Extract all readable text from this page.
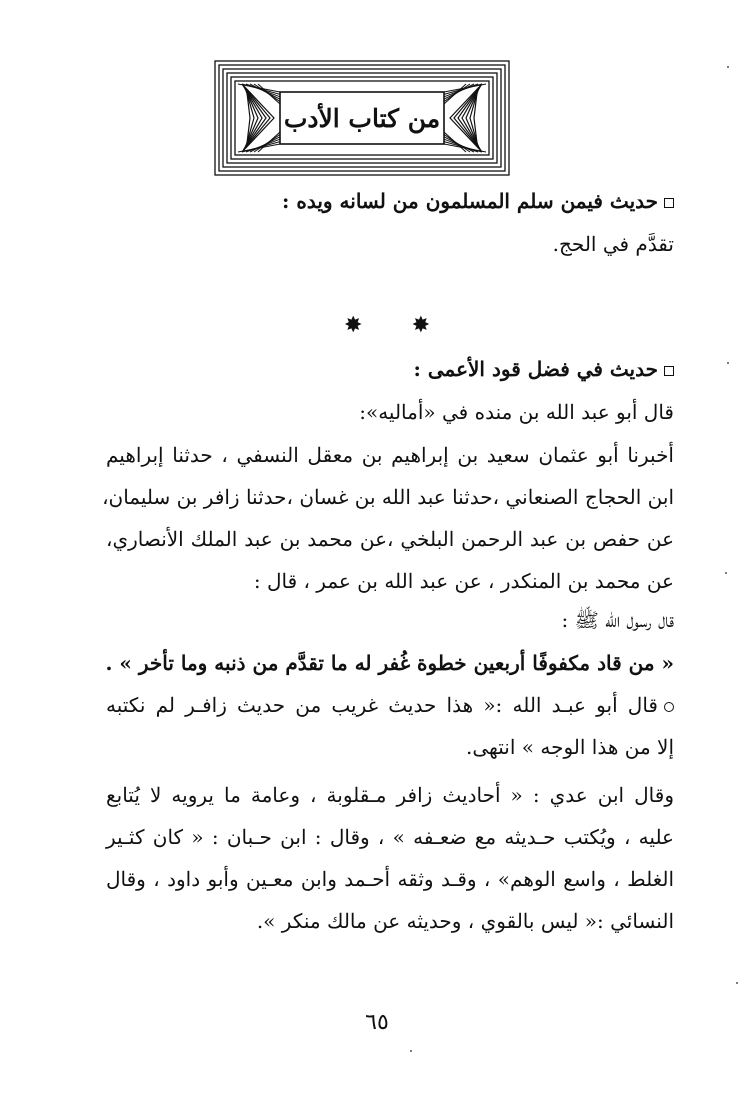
من كتاب الأدب
حديث فيمن سلم المسلمون من لسانه ويده :
تقدَّم في الحج.
✸ ✸
حديث في فضل قود الأعمى :
قال أبو عبد الله بن منده في «أماليه»:
أخبرنا أبو عثمان سعيد بن إبراهيم بن معقل النسفي ، حدثنا إبراهيم
ابن الحجاج الصنعاني ،حدثنا عبد الله بن غسان ،حدثنا زافر بن سليمان،
عن حفص بن عبد الرحمن البلخي ،عن محمد بن عبد الملك الأنصاري،
عن محمد بن المنكدر ، عن عبد الله بن عمر ، قال :
قال رسول الله ﷺ :
« من قاد مكفوفًا أربعين خطوة غُفر له ما تقدَّم من ذنبه وما تأخر » .
قال أبو عبـد الله :« هذا حديث غريب من حديث زافـر لم نكتبه
إلا من هذا الوجه » انتهى.
وقال ابن عدي : « أحاديث زافر مـقلوبة ، وعامة ما يرويه لا يُتابع
عليه ، ويُكتب حـديثه مع ضعـفه » ، وقال : ابن حـبان : « كان كثـير
الغلط ، واسع الوهم» ، وقـد وثقه أحـمد وابن معـين وأبو داود ، وقال
النسائي :« ليس بالقوي ، وحديثه عن مالك منكر ».
٦٥
